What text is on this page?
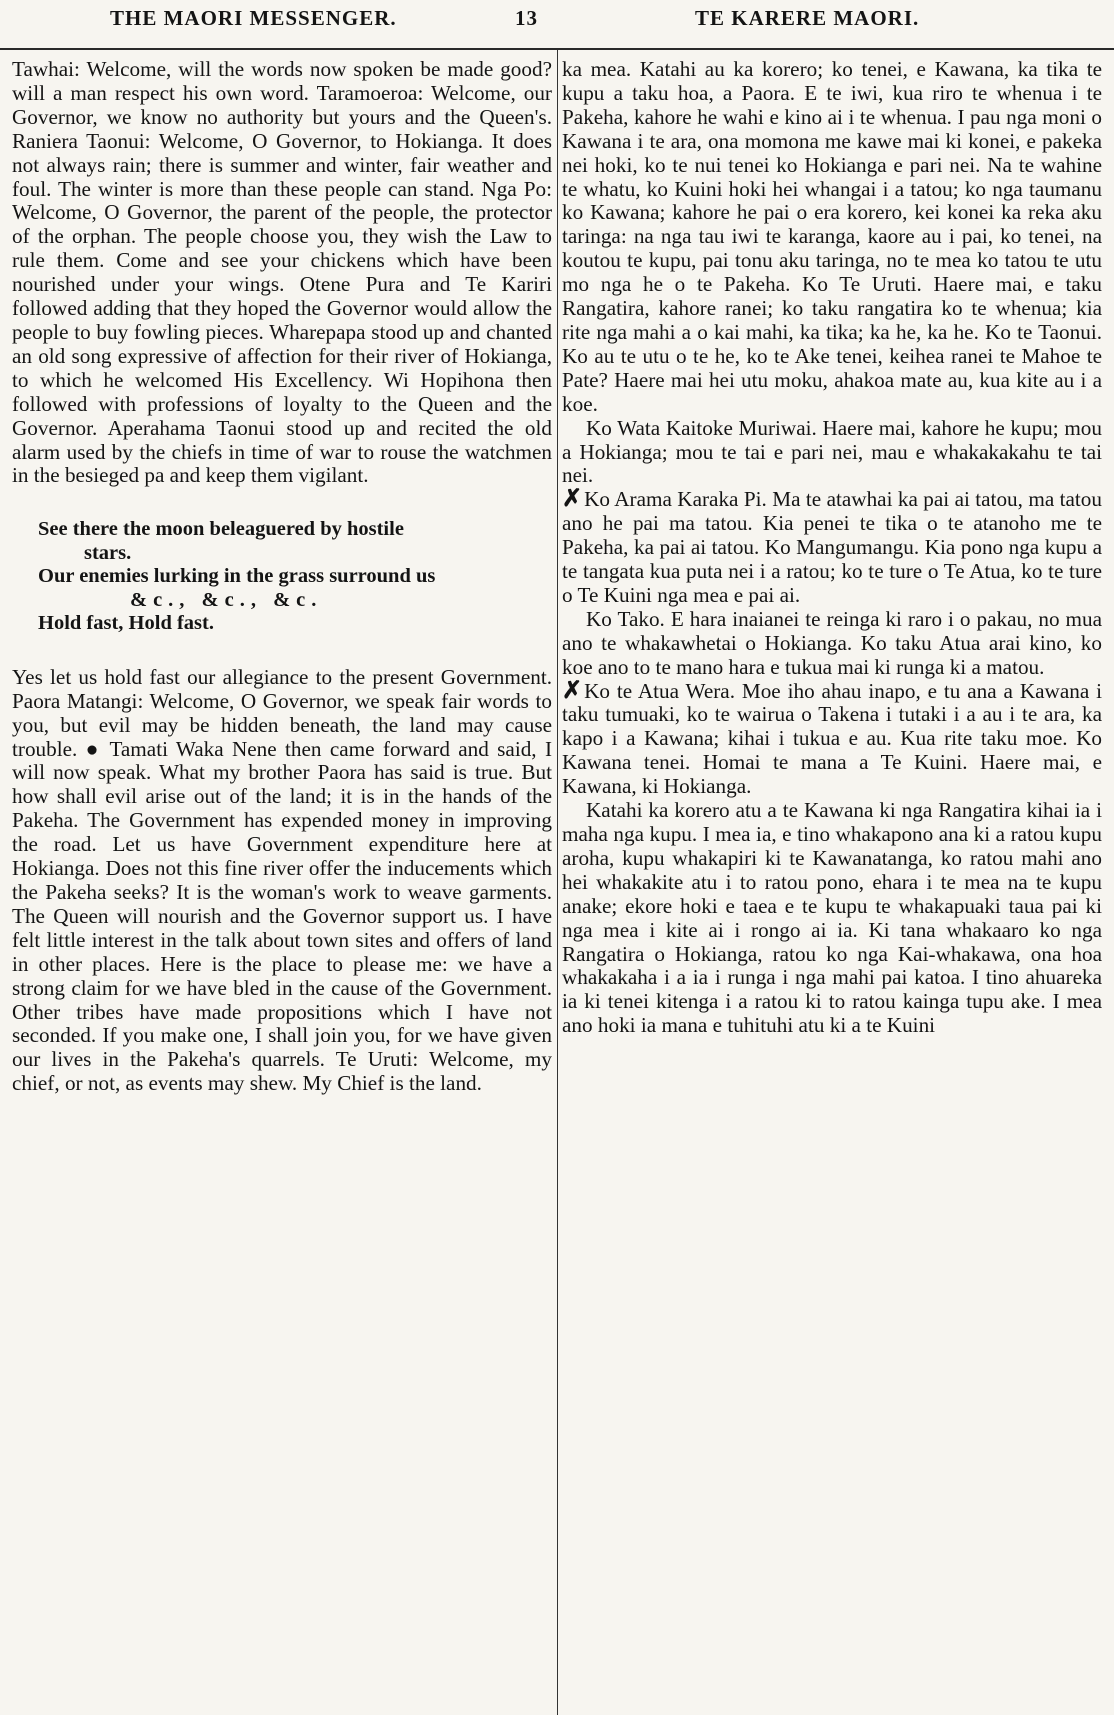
THE MAORI MESSENGER.	13	TE KARERE MAORI.

Tawhai: Welcome, will the words now spoken be made good? will a man respect his own word. Taramoeroa: Welcome, our Governor, we know no authority but yours and the Queen's. Raniera Taonui: Welcome, O Governor, to Hokianga. It does not always rain; there is summer and winter, fair weather and foul. The winter is more than these people can stand. Nga Po: Welcome, O Governor, the parent of the people, the protector of the orphan. The people choose you, they wish the Law to rule them. Come and see your chickens which have been nourished under your wings. Otene Pura and Te Kariri followed adding that they hoped the Governor would allow the people to buy fowling pieces. Wharepapa stood up and chanted an old song expressive of affection for their river of Hokianga, to which he welcomed His Excellency. Wi Hopihona then followed with professions of loyalty to the Queen and the Governor. Aperahama Taonui stood up and recited the old alarm used by the chiefs in time of war to rouse the watchmen in the besieged pa and keep them vigilant.

See there the moon beleaguered by hostile
stars.
Our enemies lurking in the grass surround us
&c., &c., &c.
Hold fast, Hold fast.

Yes let us hold fast our allegiance to the present Government. Paora Matangi: Welcome, O Governor, we speak fair words to you, but evil may be hidden beneath, the land may cause trouble. ● Tamati Waka Nene then came forward and said, I will now speak. What my brother Paora has said is true. But how shall evil arise out of the land; it is in the hands of the Pakeha. The Government has expended money in improving the road. Let us have Government expenditure here at Hokianga. Does not this fine river offer the inducements which the Pakeha seeks? It is the woman's work to weave garments. The Queen will nourish and the Governor support us. I have felt little interest in the talk about town sites and offers of land in other places. Here is the place to please me: we have a strong claim for we have bled in the cause of the Government. Other tribes have made propositions which I have not seconded. If you make one, I shall join you, for we have given our lives in the Pakeha's quarrels. Te Uruti: Welcome, my chief, or not, as events may shew. My Chief is the land.

ka mea. Katahi au ka korero; ko tenei, e Kawana, ka tika te kupu a taku hoa, a Paora. E te iwi, kua riro te whenua i te Pakeha, kahore he wahi e kino ai i te whenua. I pau nga moni o Kawana i te ara, ona momona me kawe mai ki konei, e pakeka nei hoki, ko te nui tenei ko Hokianga e pari nei. Na te wahine te whatu, ko Kuini hoki hei whangai i a tatou; ko nga taumanu ko Kawana; kahore he pai o era korero, kei konei ka reka aku taringa: na nga tau iwi te karanga, kaore au i pai, ko tenei, na koutou te kupu, pai tonu aku taringa, no te mea ko tatou te utu mo nga he o te Pakeha. Ko Te Uruti. Haere mai, e taku Rangatira, kahore ranei; ko taku rangatira ko te whenua; kia rite nga mahi a o kai mahi, ka tika; ka he, ka he. Ko te Taonui. Ko au te utu o te he, ko te Ake tenei, keihea ranei te Mahoe te Pate? Haere mai hei utu moku, ahakoa mate au, kua kite au i a koe.

Ko Wata Kaitoke Muriwai. Haere mai, kahore he kupu; mou a Hokianga; mou te tai e pari nei, mau e whakakakahu te tai nei.

✗Ko Arama Karaka Pi. Ma te atawhai ka pai ai tatou, ma tatou ano he pai ma tatou. Kia penei te tika o te atanoho me te Pakeha, ka pai ai tatou. Ko Mangumangu. Kia pono nga kupu a te tangata kua puta nei i a ratou; ko te ture o Te Atua, ko te ture o Te Kuini nga mea e pai ai.

Ko Tako. E hara inaianei te reinga ki raro i o pakau, no mua ano te whakawhetai o Hokianga. Ko taku Atua arai kino, ko koe ano to te mano hara e tukua mai ki runga ki a matou.

✗Ko te Atua Wera. Moe iho ahau inapo, e tu ana a Kawana i taku tumuaki, ko te wairua o Takena i tutaki i a au i te ara, ka kapo i a Kawana; kihai i tukua e au. Kua rite taku moe. Ko Kawana tenei. Homai te mana a Te Kuini. Haere mai, e Kawana, ki Hokianga.

Katahi ka korero atu a te Kawana ki nga Rangatira kihai ia i maha nga kupu. I mea ia, e tino whakapono ana ki a ratou kupu aroha, kupu whakapiri ki te Kawanatanga, ko ratou mahi ano hei whakakite atu i to ratou pono, ehara i te mea na te kupu anake; ekore hoki e taea e te kupu te whakapuaki taua pai ki nga mea i kite ai i rongo ai ia. Ki tana whakaaro ko nga Rangatira o Hokianga, ratou ko nga Kai-whakawa, ona hoa whakakaha i a ia i runga i nga mahi pai katoa. I tino ahuareka ia ki tenei kitenga i a ratou ki to ratou kainga tupu ake. I mea ano hoki ia mana e tuhituhi atu ki a te Kuini
